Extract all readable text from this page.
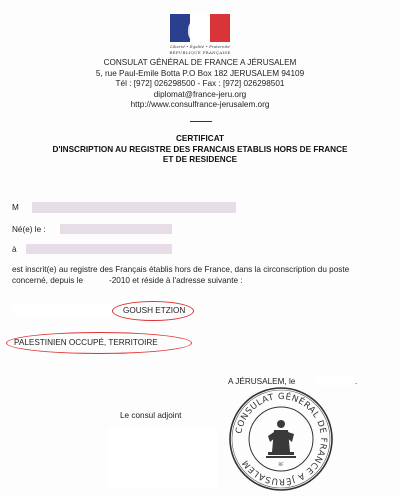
Liberté • Égalité • Fraternité
RÉPUBLIQUE FRANÇAISE
CONSULAT GÉNÉRAL DE FRANCE A JÉRUSALEM
5, rue Paul-Emile Botta P.O Box 182 JERUSALEM 94109
Tél : [972] 026298500 - Fax : [972] 026298501
diplomat@france-jeru.org
http://www.consulfrance-jerusalem.org
CERTIFICAT
D'INSCRIPTION AU REGISTRE DES FRANCAIS ETABLIS HORS DE FRANCE
ET DE RESIDENCE
M
Né(e) le :
à
est inscrit(e) au registre des Français établis hors de France, dans la circonscription du poste
concerné, depuis le	-2010 et réside à l'adresse suivante :
GOUSH ETZION
PALESTINIEN OCCUPÉ, TERRITOIRE
A JÉRUSALEM, le	.
Le consul adjoint
CONSULAT GÉNÉRAL DE FRANCE A JÉRUSALEM	RF
